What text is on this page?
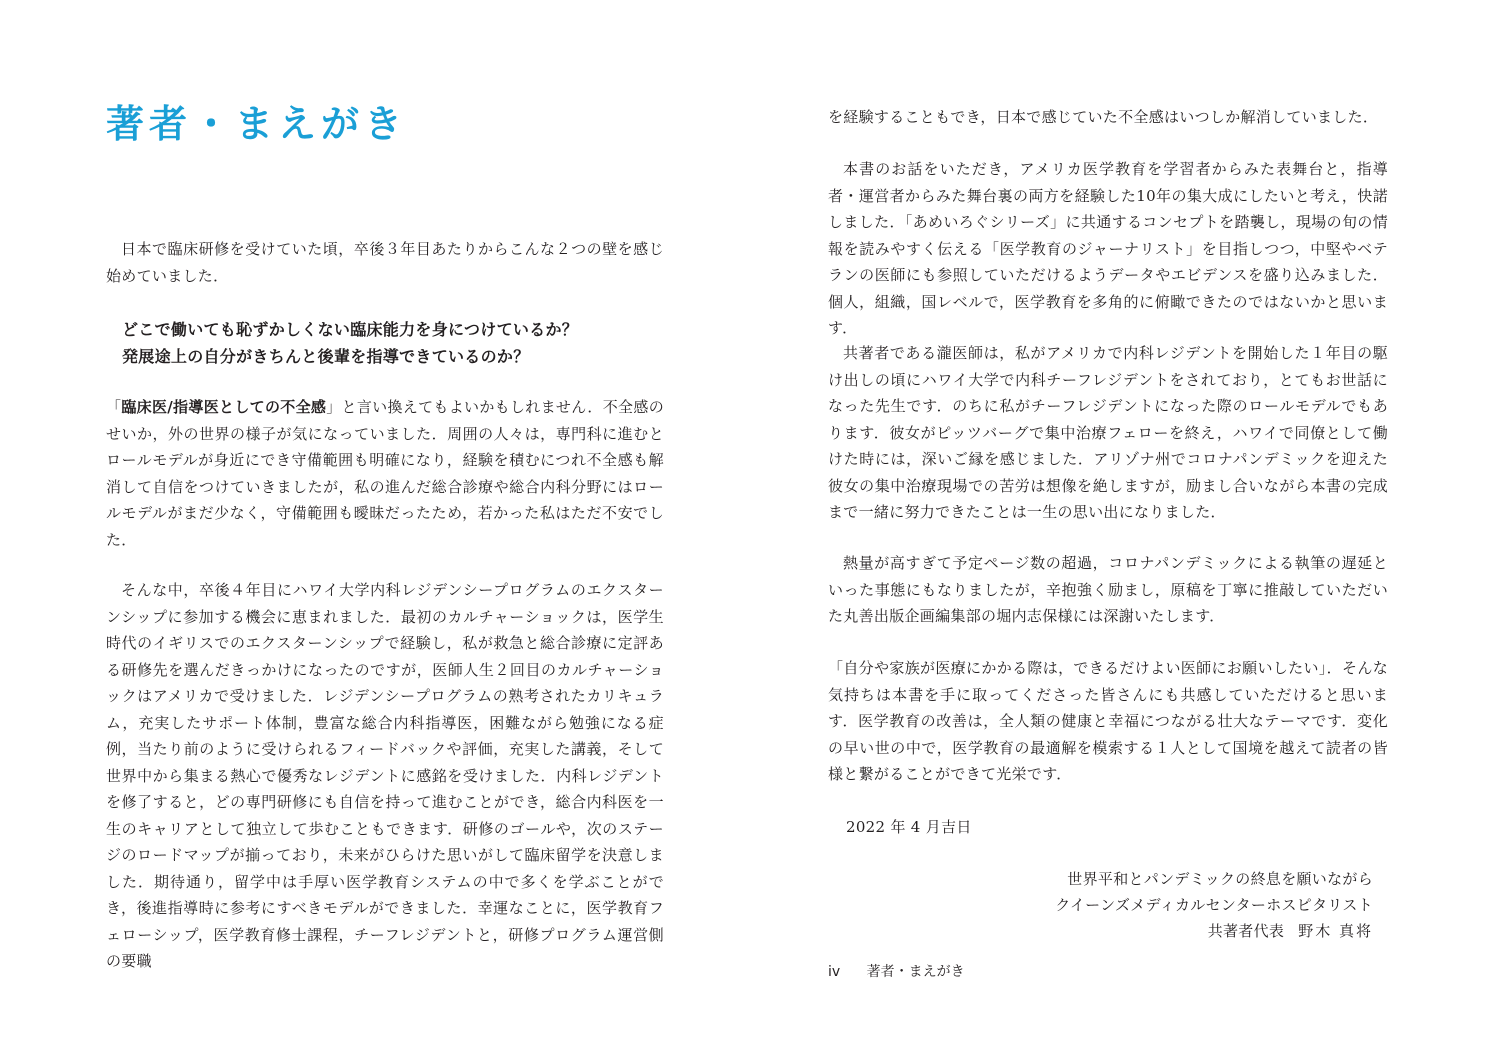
著者・まえがき

日本で臨床研修を受けていた頃，卒後３年目あたりからこんな２つの壁を感じ始めていました．

どこで働いても恥ずかしくない臨床能力を身につけているか？
発展途上の自分がきちんと後輩を指導できているのか？

「臨床医/指導医としての不全感」と言い換えてもよいかもしれません．不全感のせいか，外の世界の様子が気になっていました．周囲の人々は，専門科に進むとロールモデルが身近にでき守備範囲も明確になり，経験を積むにつれ不全感も解消して自信をつけていきましたが，私の進んだ総合診療や総合内科分野にはロールモデルがまだ少なく，守備範囲も曖昧だったため，若かった私はただ不安でした．

そんな中，卒後４年目にハワイ大学内科レジデンシープログラムのエクスターンシップに参加する機会に恵まれました．最初のカルチャーショックは，医学生時代のイギリスでのエクスターンシップで経験し，私が救急と総合診療に定評ある研修先を選んだきっかけになったのですが，医師人生２回目のカルチャーショックはアメリカで受けました．レジデンシープログラムの熟考されたカリキュラム，充実したサポート体制，豊富な総合内科指導医，困難ながら勉強になる症例，当たり前のように受けられるフィードバックや評価，充実した講義，そして世界中から集まる熱心で優秀なレジデントに感銘を受けました．内科レジデントを修了すると，どの専門研修にも自信を持って進むことができ，総合内科医を一生のキャリアとして独立して歩むこともできます．研修のゴールや，次のステージのロードマップが揃っており，未来がひらけた思いがして臨床留学を決意しました．期待通り，留学中は手厚い医学教育システムの中で多くを学ぶことができ，後進指導時に参考にすべきモデルができました．幸運なことに，医学教育フェローシップ，医学教育修士課程，チーフレジデントと，研修プログラム運営側の要職

を経験することもでき，日本で感じていた不全感はいつしか解消していました．

本書のお話をいただき，アメリカ医学教育を学習者からみた表舞台と，指導者・運営者からみた舞台裏の両方を経験した10年の集大成にしたいと考え，快諾しました．「あめいろぐシリーズ」に共通するコンセプトを踏襲し，現場の旬の情報を読みやすく伝える「医学教育のジャーナリスト」を目指しつつ，中堅やベテランの医師にも参照していただけるようデータやエビデンスを盛り込みました．個人，組織，国レベルで，医学教育を多角的に俯瞰できたのではないかと思います．

共著者である瀧医師は，私がアメリカで内科レジデントを開始した１年目の駆け出しの頃にハワイ大学で内科チーフレジデントをされており，とてもお世話になった先生です．のちに私がチーフレジデントになった際のロールモデルでもあります．彼女がピッツバーグで集中治療フェローを終え，ハワイで同僚として働けた時には，深いご縁を感じました．アリゾナ州でコロナパンデミックを迎えた彼女の集中治療現場での苦労は想像を絶しますが，励まし合いながら本書の完成まで一緒に努力できたことは一生の思い出になりました．

熱量が高すぎて予定ページ数の超過，コロナパンデミックによる執筆の遅延といった事態にもなりましたが，辛抱強く励まし，原稿を丁寧に推敲していただいた丸善出版企画編集部の堀内志保様には深謝いたします．

「自分や家族が医療にかかる際は，できるだけよい医師にお願いしたい」．そんな気持ちは本書を手に取ってくださった皆さんにも共感していただけると思います．医学教育の改善は，全人類の健康と幸福につながる壮大なテーマです．変化の早い世の中で，医学教育の最適解を模索する１人として国境を越えて読者の皆様と繋がることができて光栄です．

2022 年 4 月吉日

世界平和とパンデミックの終息を願いながら
クイーンズメディカルセンターホスピタリスト
共著者代表 野木 真将
iv 著者・まえがき
